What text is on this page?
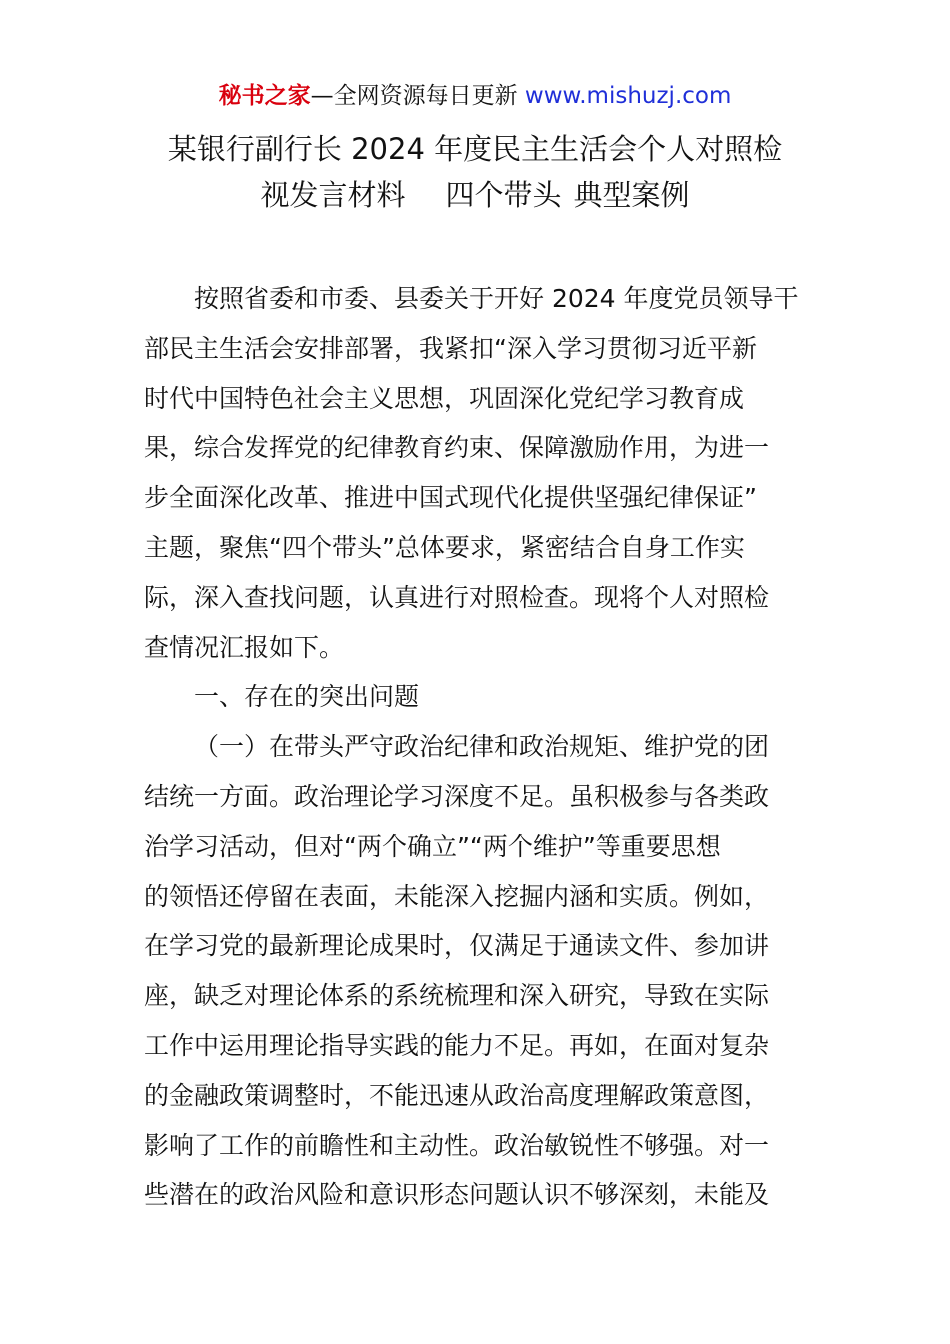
秘书之家—全网资源每日更新 www.mishuzj.com
某银行副行长 2024 年度民主生活会个人对照检
视发言材料 四个带头 典型案例
按照省委和市委、县委关于开好 2024 年度党员领导干
部民主生活会安排部署，我紧扣“深入学习贯彻习近平新
时代中国特色社会主义思想，巩固深化党纪学习教育成
果，综合发挥党的纪律教育约束、保障激励作用，为进一
步全面深化改革、推进中国式现代化提供坚强纪律保证”
主题，聚焦“四个带头”总体要求，紧密结合自身工作实
际，深入查找问题，认真进行对照检查。现将个人对照检
查情况汇报如下。
一、存在的突出问题
（一）在带头严守政治纪律和政治规矩、维护党的团
结统一方面。政治理论学习深度不足。虽积极参与各类政
治学习活动，但对“两个确立”“两个维护”等重要思想
的领悟还停留在表面，未能深入挖掘内涵和实质。例如，
在学习党的最新理论成果时，仅满足于通读文件、参加讲
座，缺乏对理论体系的系统梳理和深入研究，导致在实际
工作中运用理论指导实践的能力不足。再如，在面对复杂
的金融政策调整时，不能迅速从政治高度理解政策意图，
影响了工作的前瞻性和主动性。政治敏锐性不够强。对一
些潜在的政治风险和意识形态问题认识不够深刻，未能及
